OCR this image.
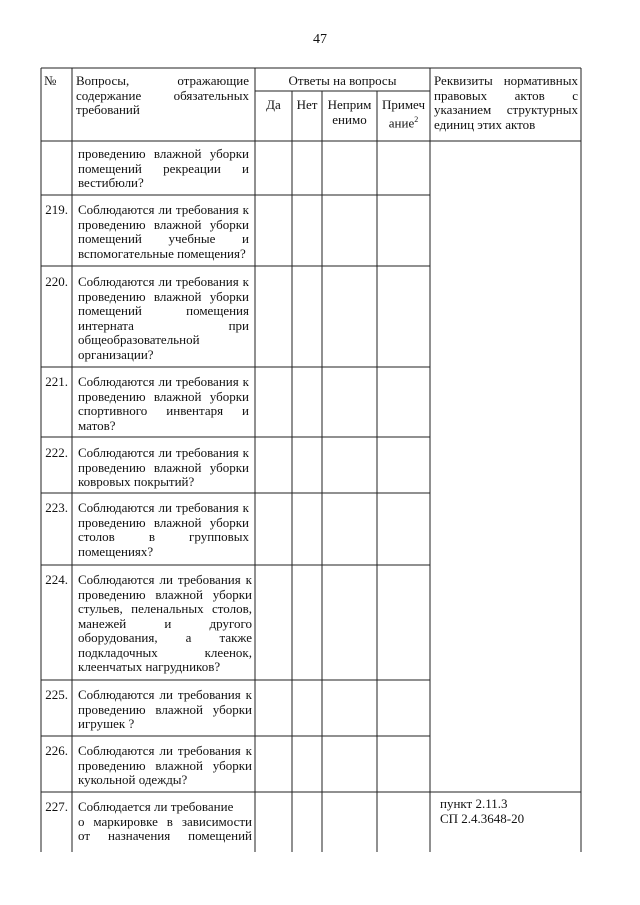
47
№	Вопросы, отражающие

содержание обязательных

требований

Ответы на вопросы
Да	Нет Неприм

енимо

Примеч

ание$^2$

Реквизиты нормативных

правовых актов с

указанием структурных

единиц этих актов

проведению влажной уборки

помещений рекреации и

вестибюли?

219. Соблюдаются ли требования к

проведению влажной уборки

помещений учебные и

вспомогательные помещения?

220. Соблюдаются ли требования к

проведению влажной уборки

помещений помещения

интерната при

общеобразовательной

организации?

221. Соблюдаются ли требования к

проведению влажной уборки

спортивного инвентаря и

матов?

222. Соблюдаются ли требования к

проведению влажной уборки

ковровых покрытий?

223. Соблюдаются ли требования к

проведению влажной уборки

столов в групповых

помещениях?

224. Соблюдаются ли требования к

проведению влажной уборки

стульев, пеленальных столов,

манежей и другого

оборудования, а также

подкладочных клеенок,

клеенчатых нагрудников?

225. Соблюдаются ли требования к

проведению влажной уборки

игрушек ?

226. Соблюдаются ли требования к

проведению влажной уборки

кукольной одежды?

227. Соблюдается ли требование

о маркировке в зависимости

от назначения помещений

пункт 2.11.3

СП 2.4.3648-20
